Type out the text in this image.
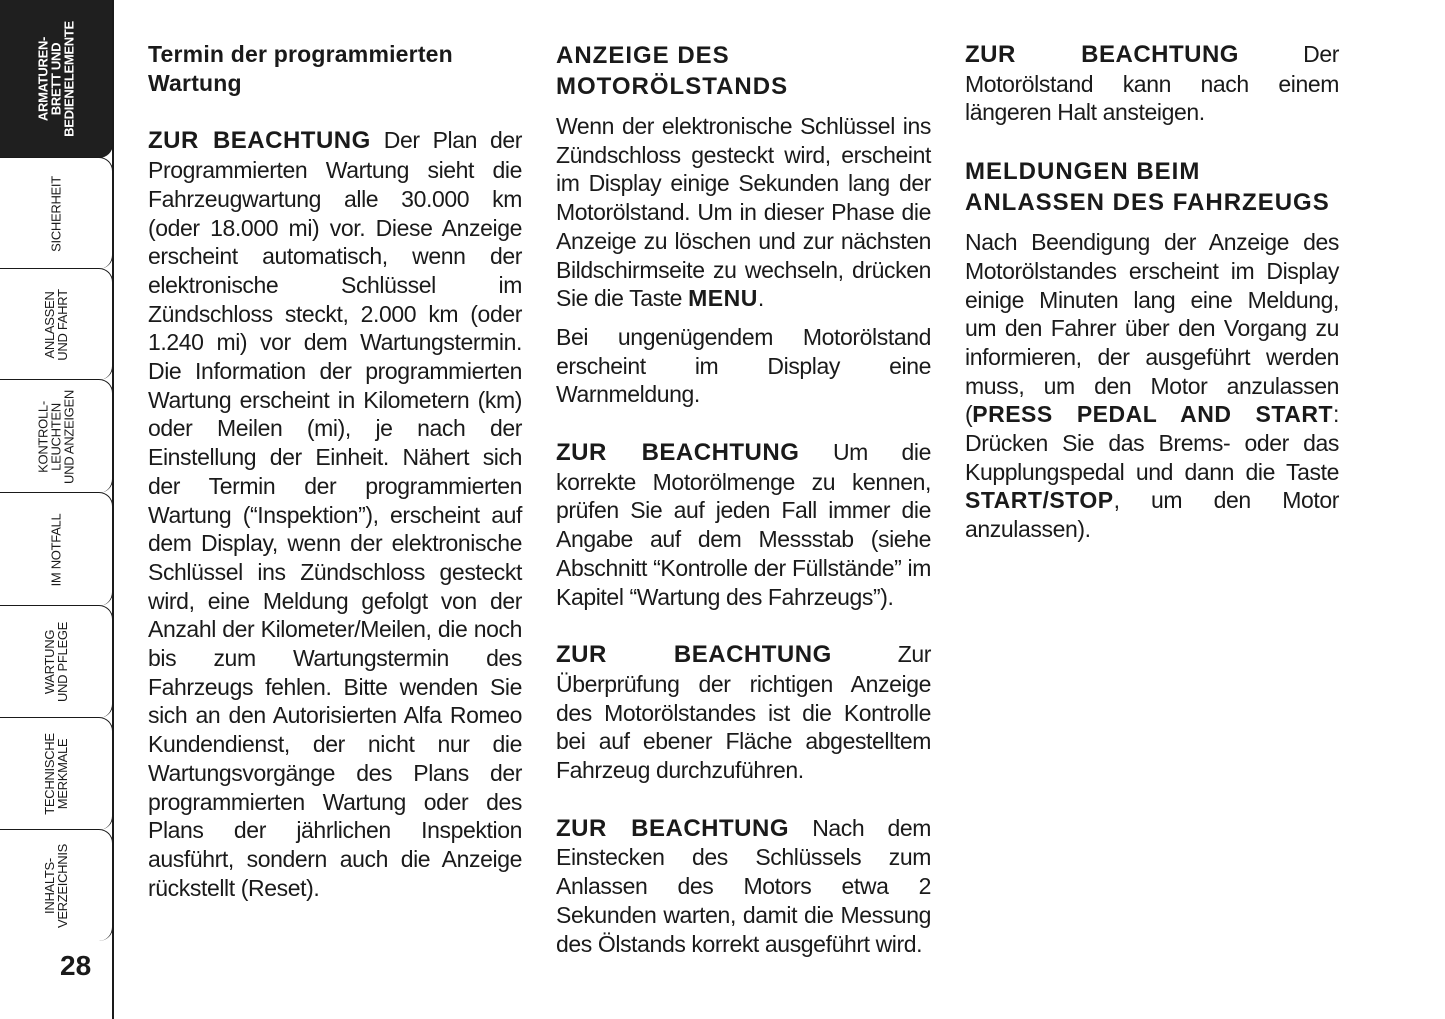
ARMATUREN-
BRETT UND
BEDIENELEMENTE
SICHERHEIT
ANLASSEN
UND FAHRT
KONTROLL-
LEUCHTEN
UND ANZEIGEN
IM NOTFALL
WARTUNG
UND PFLEGE
TECHNISCHE
MERKMALE
INHALTS-
VERZEICHNIS
28
Termin der programmierten Wartung

ZUR BEACHTUNG Der Plan der Programmierten Wartung sieht die Fahrzeugwartung alle 30.000 km (oder 18.000 mi) vor. Diese Anzeige erscheint automatisch, wenn der elektronische Schlüssel im Zündschloss steckt, 2.000 km (oder 1.240 mi) vor dem Wartungstermin. Die Information der programmierten Wartung erscheint in Kilometern (km) oder Meilen (mi), je nach der Einstellung der Einheit. Nähert sich der Termin der programmierten Wartung (“Inspektion”), erscheint auf dem Display, wenn der elektronische Schlüssel ins Zündschloss gesteckt wird, eine Meldung gefolgt von der Anzahl der Kilometer/Meilen, die noch bis zum Wartungstermin des Fahrzeugs fehlen. Bitte wenden Sie sich an den Autorisierten Alfa Romeo Kundendienst, der nicht nur die Wartungsvorgänge des Plans der programmierten Wartung oder des Plans der jährlichen Inspektion ausführt, sondern auch die Anzeige rückstellt (Reset).

ANZEIGE DES MOTORÖLSTANDS

Wenn der elektronische Schlüssel ins Zündschloss gesteckt wird, erscheint im Display einige Sekunden lang der Motorölstand. Um in dieser Phase die Anzeige zu löschen und zur nächsten Bildschirmseite zu wechseln, drücken Sie die Taste MENU.

Bei ungenügendem Motorölstand erscheint im Display eine Warnmeldung.

ZUR BEACHTUNG Um die korrekte Motorölmenge zu kennen, prüfen Sie auf jeden Fall immer die Angabe auf dem Messstab (siehe Abschnitt “Kontrolle der Füllstände” im Kapitel “Wartung des Fahrzeugs”).

ZUR BEACHTUNG Zur Überprüfung der richtigen Anzeige des Motorölstandes ist die Kontrolle bei auf ebener Fläche abgestelltem Fahrzeug durchzuführen.

ZUR BEACHTUNG Nach dem Einstecken des Schlüssels zum Anlassen des Motors etwa 2 Sekunden warten, damit die Messung des Ölstands korrekt ausgeführt wird.

ZUR BEACHTUNG Der Motorölstand kann nach einem längeren Halt ansteigen.

MELDUNGEN BEIM ANLASSEN DES FAHRZEUGS

Nach Beendigung der Anzeige des Motorölstandes erscheint im Display einige Minuten lang eine Meldung, um den Fahrer über den Vorgang zu informieren, der ausgeführt werden muss, um den Motor anzulassen (PRESS PEDAL AND START: Drücken Sie das Brems- oder das Kupplungspedal und dann die Taste START/STOP, um den Motor anzulassen).
